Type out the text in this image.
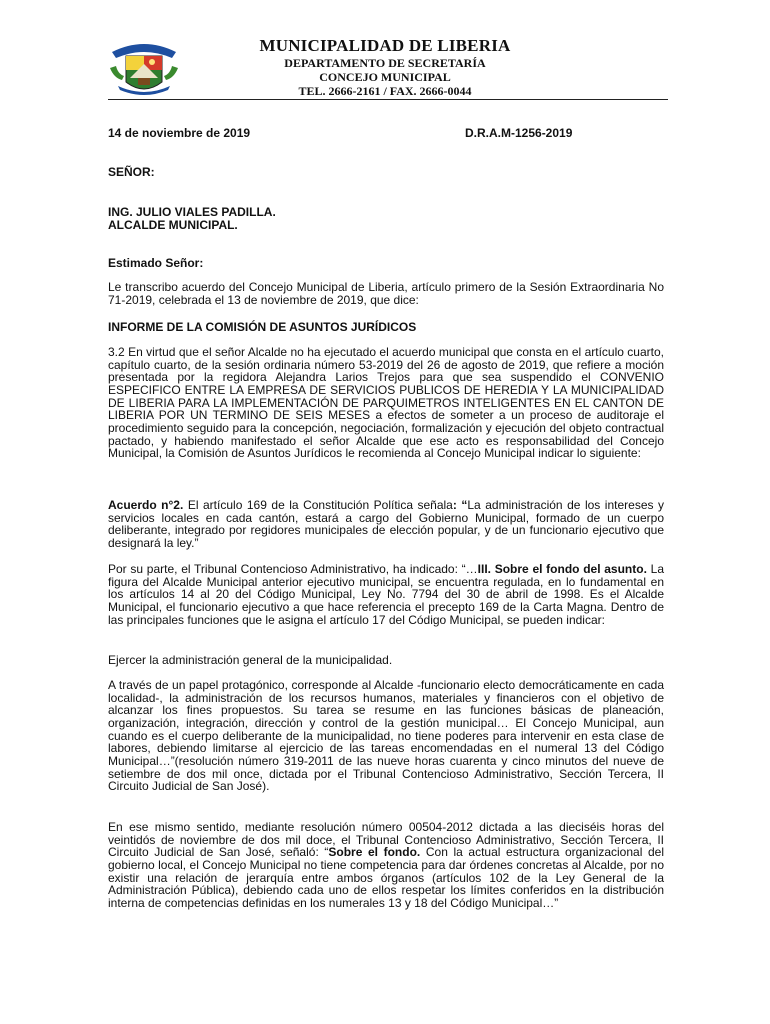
MUNICIPALIDAD DE LIBERIA
DEPARTAMENTO DE SECRETARÍA
CONCEJO MUNICIPAL
TEL. 2666-2161 / FAX. 2666-0044
14 de noviembre de 2019	D.R.A.M-1256-2019
SEÑOR:
ING. JULIO VIALES PADILLA.
ALCALDE MUNICIPAL.
Estimado Señor:

Le transcribo acuerdo del Concejo Municipal de Liberia, artículo primero de la Sesión Extraordinaria No 71-2019, celebrada el 13 de noviembre de 2019, que dice:

INFORME DE LA COMISIÓN DE ASUNTOS JURÍDICOS

3.2 En virtud que el señor Alcalde no ha ejecutado el acuerdo municipal que consta en el artículo cuarto, capítulo cuarto, de la sesión ordinaria número 53-2019 del 26 de agosto de 2019, que refiere a moción presentada por la regidora Alejandra Larios Trejos para que sea suspendido el CONVENIO ESPECIFICO ENTRE LA EMPRESA DE SERVICIOS PUBLICOS DE HEREDIA Y LA MUNICIPALIDAD DE LIBERIA PARA LA IMPLEMENTACIÓN DE PARQUIMETROS INTELIGENTES EN EL CANTON DE LIBERIA POR UN TERMINO DE SEIS MESES a efectos de someter a un proceso de auditoraje el procedimiento seguido para la concepción, negociación, formalización y ejecución del objeto contractual pactado, y habiendo manifestado el señor Alcalde que ese acto es responsabilidad del Concejo Municipal, la Comisión de Asuntos Jurídicos le recomienda al Concejo Municipal indicar lo siguiente:

Acuerdo n°2. El artículo 169 de la Constitución Política señala: “La administración de los intereses y servicios locales en cada cantón, estará a cargo del Gobierno Municipal, formado de un cuerpo deliberante, integrado por regidores municipales de elección popular, y de un funcionario ejecutivo que designará la ley.”

Por su parte, el Tribunal Contencioso Administrativo, ha indicado: “…III. Sobre el fondo del asunto. La figura del Alcalde Municipal anterior ejecutivo municipal, se encuentra regulada, en lo fundamental en los artículos 14 al 20 del Código Municipal, Ley No. 7794 del 30 de abril de 1998. Es el Alcalde Municipal, el funcionario ejecutivo a que hace referencia el precepto 169 de la Carta Magna. Dentro de las principales funciones que le asigna el artículo 17 del Código Municipal, se pueden indicar:

Ejercer la administración general de la municipalidad.

A través de un papel protagónico, corresponde al Alcalde -funcionario electo democráticamente en cada localidad-, la administración de los recursos humanos, materiales y financieros con el objetivo de alcanzar los fines propuestos. Su tarea se resume en las funciones básicas de planeación, organización, integración, dirección y control de la gestión municipal… El Concejo Municipal, aun cuando es el cuerpo deliberante de la municipalidad, no tiene poderes para intervenir en esta clase de labores, debiendo limitarse al ejercicio de las tareas encomendadas en el numeral 13 del Código Municipal…”(resolución número 319-2011 de las nueve horas cuarenta y cinco minutos del nueve de setiembre de dos mil once, dictada por el Tribunal Contencioso Administrativo, Sección Tercera, II Circuito Judicial de San José).

En ese mismo sentido, mediante resolución número 00504-2012 dictada a las dieciséis horas del veintidós de noviembre de dos mil doce, el Tribunal Contencioso Administrativo, Sección Tercera, II Circuito Judicial de San José, señaló: “Sobre el fondo. Con la actual estructura organizacional del gobierno local, el Concejo Municipal no tiene competencia para dar órdenes concretas al Alcalde, por no existir una relación de jerarquía entre ambos órganos (artículos 102 de la Ley General de la Administración Pública), debiendo cada uno de ellos respetar los límites conferidos en la distribución interna de competencias definidas en los numerales 13 y 18 del Código Municipal…”
